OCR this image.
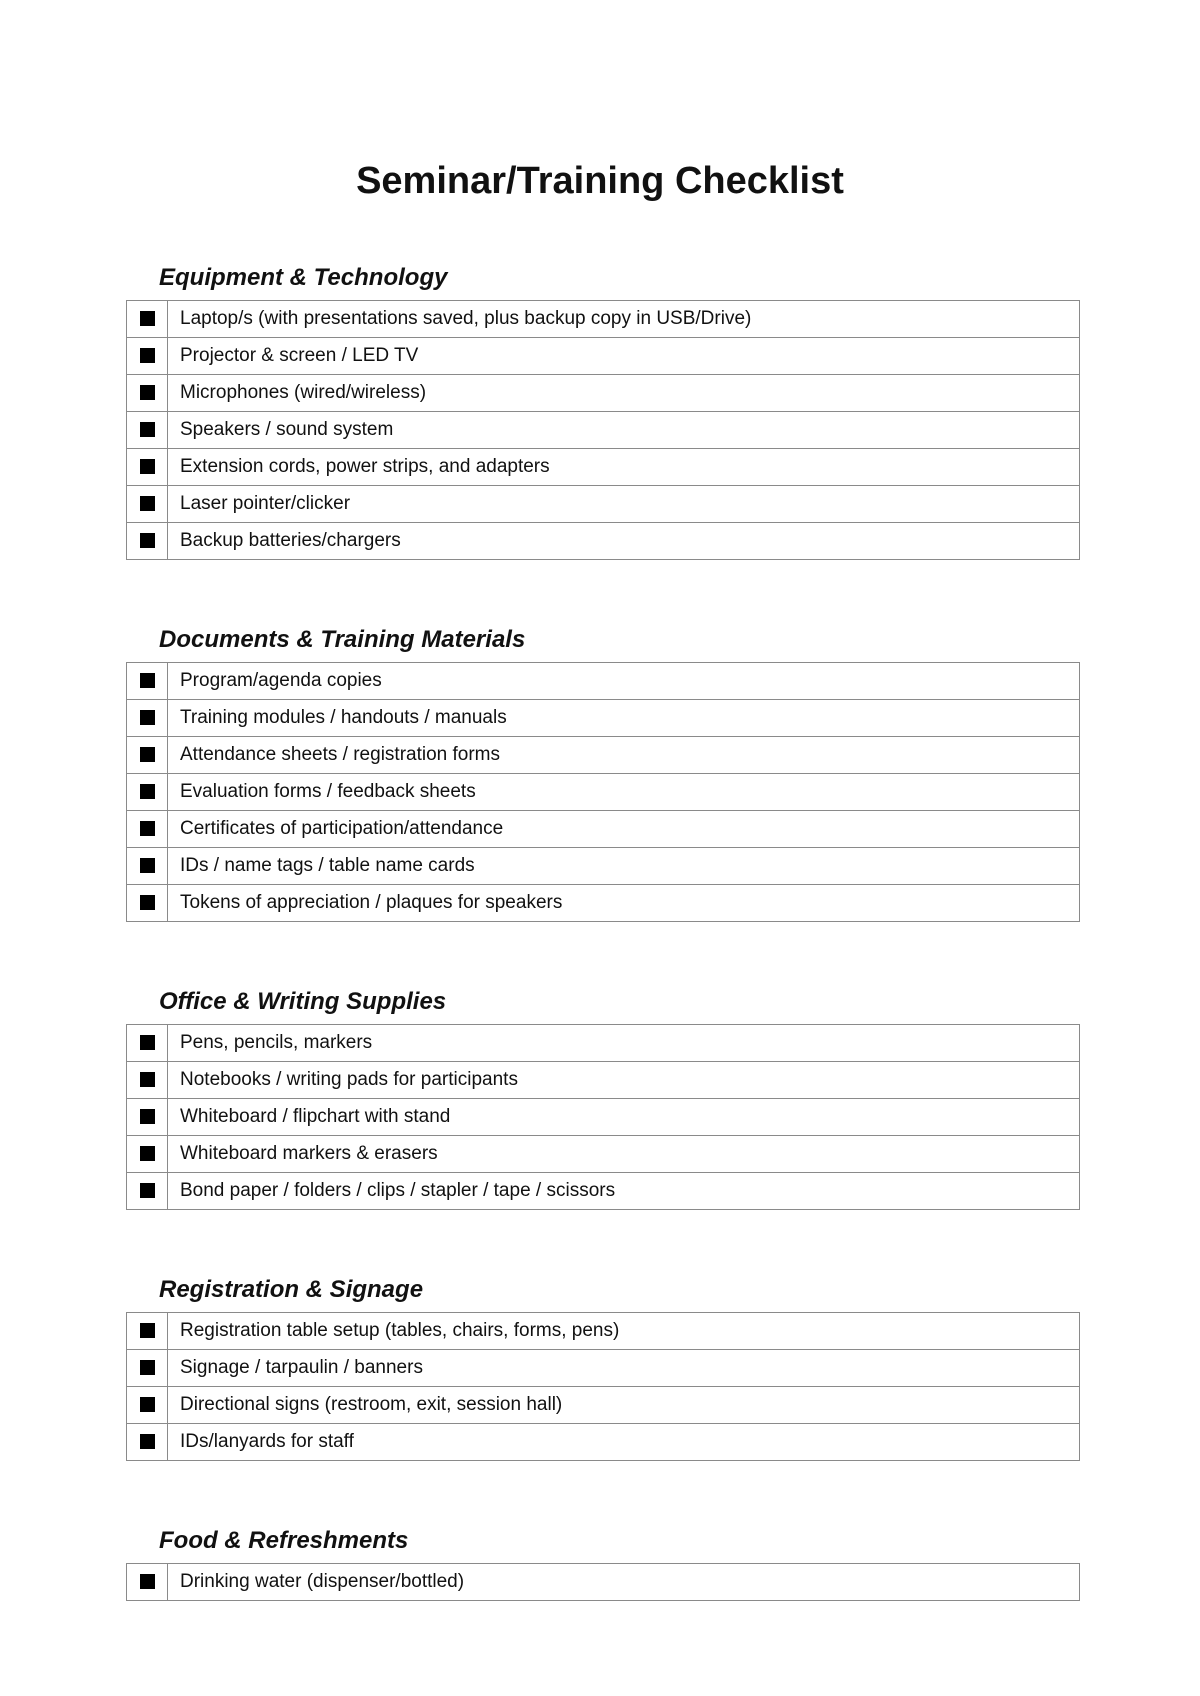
Seminar/Training Checklist
Equipment & Technology
	Laptop/s (with presentations saved, plus backup copy in USB/Drive)
	Projector & screen / LED TV
	Microphones (wired/wireless)
	Speakers / sound system
	Extension cords, power strips, and adapters
	Laser pointer/clicker
	Backup batteries/chargers
Documents & Training Materials
	Program/agenda copies
	Training modules / handouts / manuals
	Attendance sheets / registration forms
	Evaluation forms / feedback sheets
	Certificates of participation/attendance
	IDs / name tags / table name cards
	Tokens of appreciation / plaques for speakers
Office & Writing Supplies
	Pens, pencils, markers
	Notebooks / writing pads for participants
	Whiteboard / flipchart with stand
	Whiteboard markers & erasers
	Bond paper / folders / clips / stapler / tape / scissors
Registration & Signage
	Registration table setup (tables, chairs, forms, pens)
	Signage / tarpaulin / banners
	Directional signs (restroom, exit, session hall)
	IDs/lanyards for staff
Food & Refreshments
	Drinking water (dispenser/bottled)
